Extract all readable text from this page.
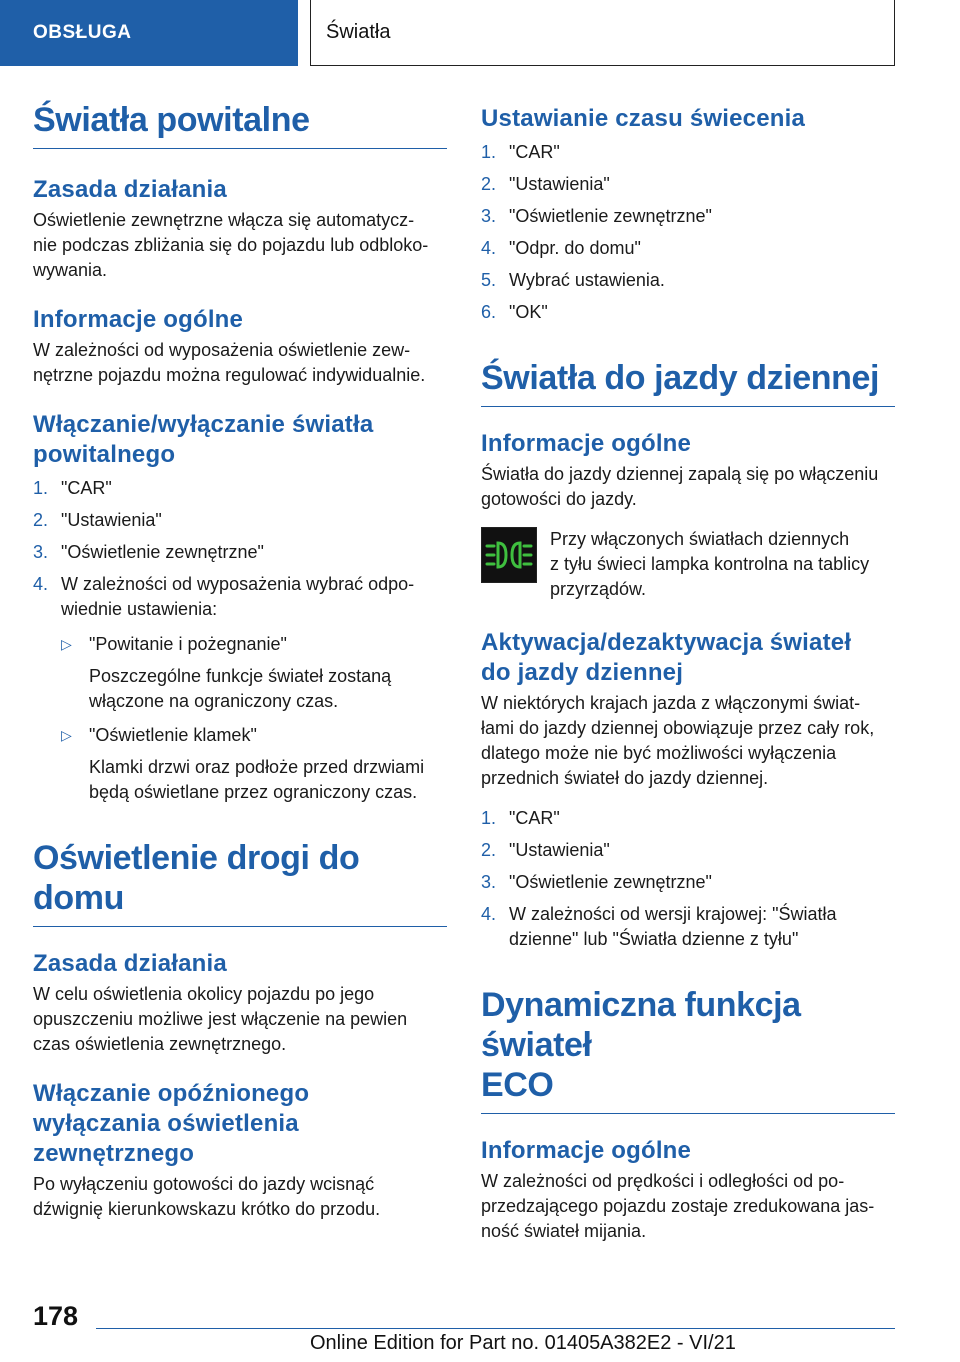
OBSŁUGA	Światła
Światła powitalne
Zasada działania

Oświetlenie zewnętrzne włącza się automatycz-
nie podczas zbliżania się do pojazdu lub odbloko-
wywania.

Informacje ogólne

W zależności od wyposażenia oświetlenie zew-
nętrzne pojazdu można regulować indywidualnie.

Włączanie/wyłączanie światła
powitalnego
1. "CAR"
2. "Ustawienia"
3. "Oświetlenie zewnętrzne"
4. W zależności od wyposażenia wybrać odpo-
wiednie ustawienia:
▷ "Powitanie i pożegnanie"

Poszczególne funkcje świateł zostaną
włączone na ograniczony czas.

▷ "Oświetlenie klamek"

Klamki drzwi oraz podłoże przed drzwiami
będą oświetlane przez ograniczony czas.

Oświetlenie drogi do domu
Zasada działania

W celu oświetlenia okolicy pojazdu po jego
opuszczeniu możliwe jest włączenie na pewien
czas oświetlenia zewnętrznego.

Włączanie opóźnionego
wyłączania oświetlenia
zewnętrznego

Po wyłączeniu gotowości do jazdy wcisnąć
dźwignię kierunkowskazu krótko do przodu.

Ustawianie czasu świecenia
1. "CAR"
2. "Ustawienia"
3. "Oświetlenie zewnętrzne"
4. "Odpr. do domu"
5. Wybrać ustawienia.
6. "OK"
Światła do jazdy dziennej
Informacje ogólne

Światła do jazdy dziennej zapalą się po włączeniu
gotowości do jazdy.

Przy włączonych światłach dziennych
z tyłu świeci lampka kontrolna na tablicy
przyrządów.
Aktywacja/dezaktywacja świateł
do jazdy dziennej

W niektórych krajach jazda z włączonymi świat-
łami do jazdy dziennej obowiązuje przez cały rok,
dlatego może nie być możliwości wyłączenia
przednich świateł do jazdy dziennej.

1. "CAR"
2. "Ustawienia"
3. "Oświetlenie zewnętrzne"
4. W zależności od wersji krajowej: "Światła
dzienne" lub "Światła dzienne z tyłu"
Dynamiczna funkcja świateł
ECO
Informacje ogólne

W zależności od prędkości i odległości od po-
przedzającego pojazdu zostaje zredukowana jas-
ność świateł mijania.

178
Online Edition for Part no. 01405A382E2 - VI/21
